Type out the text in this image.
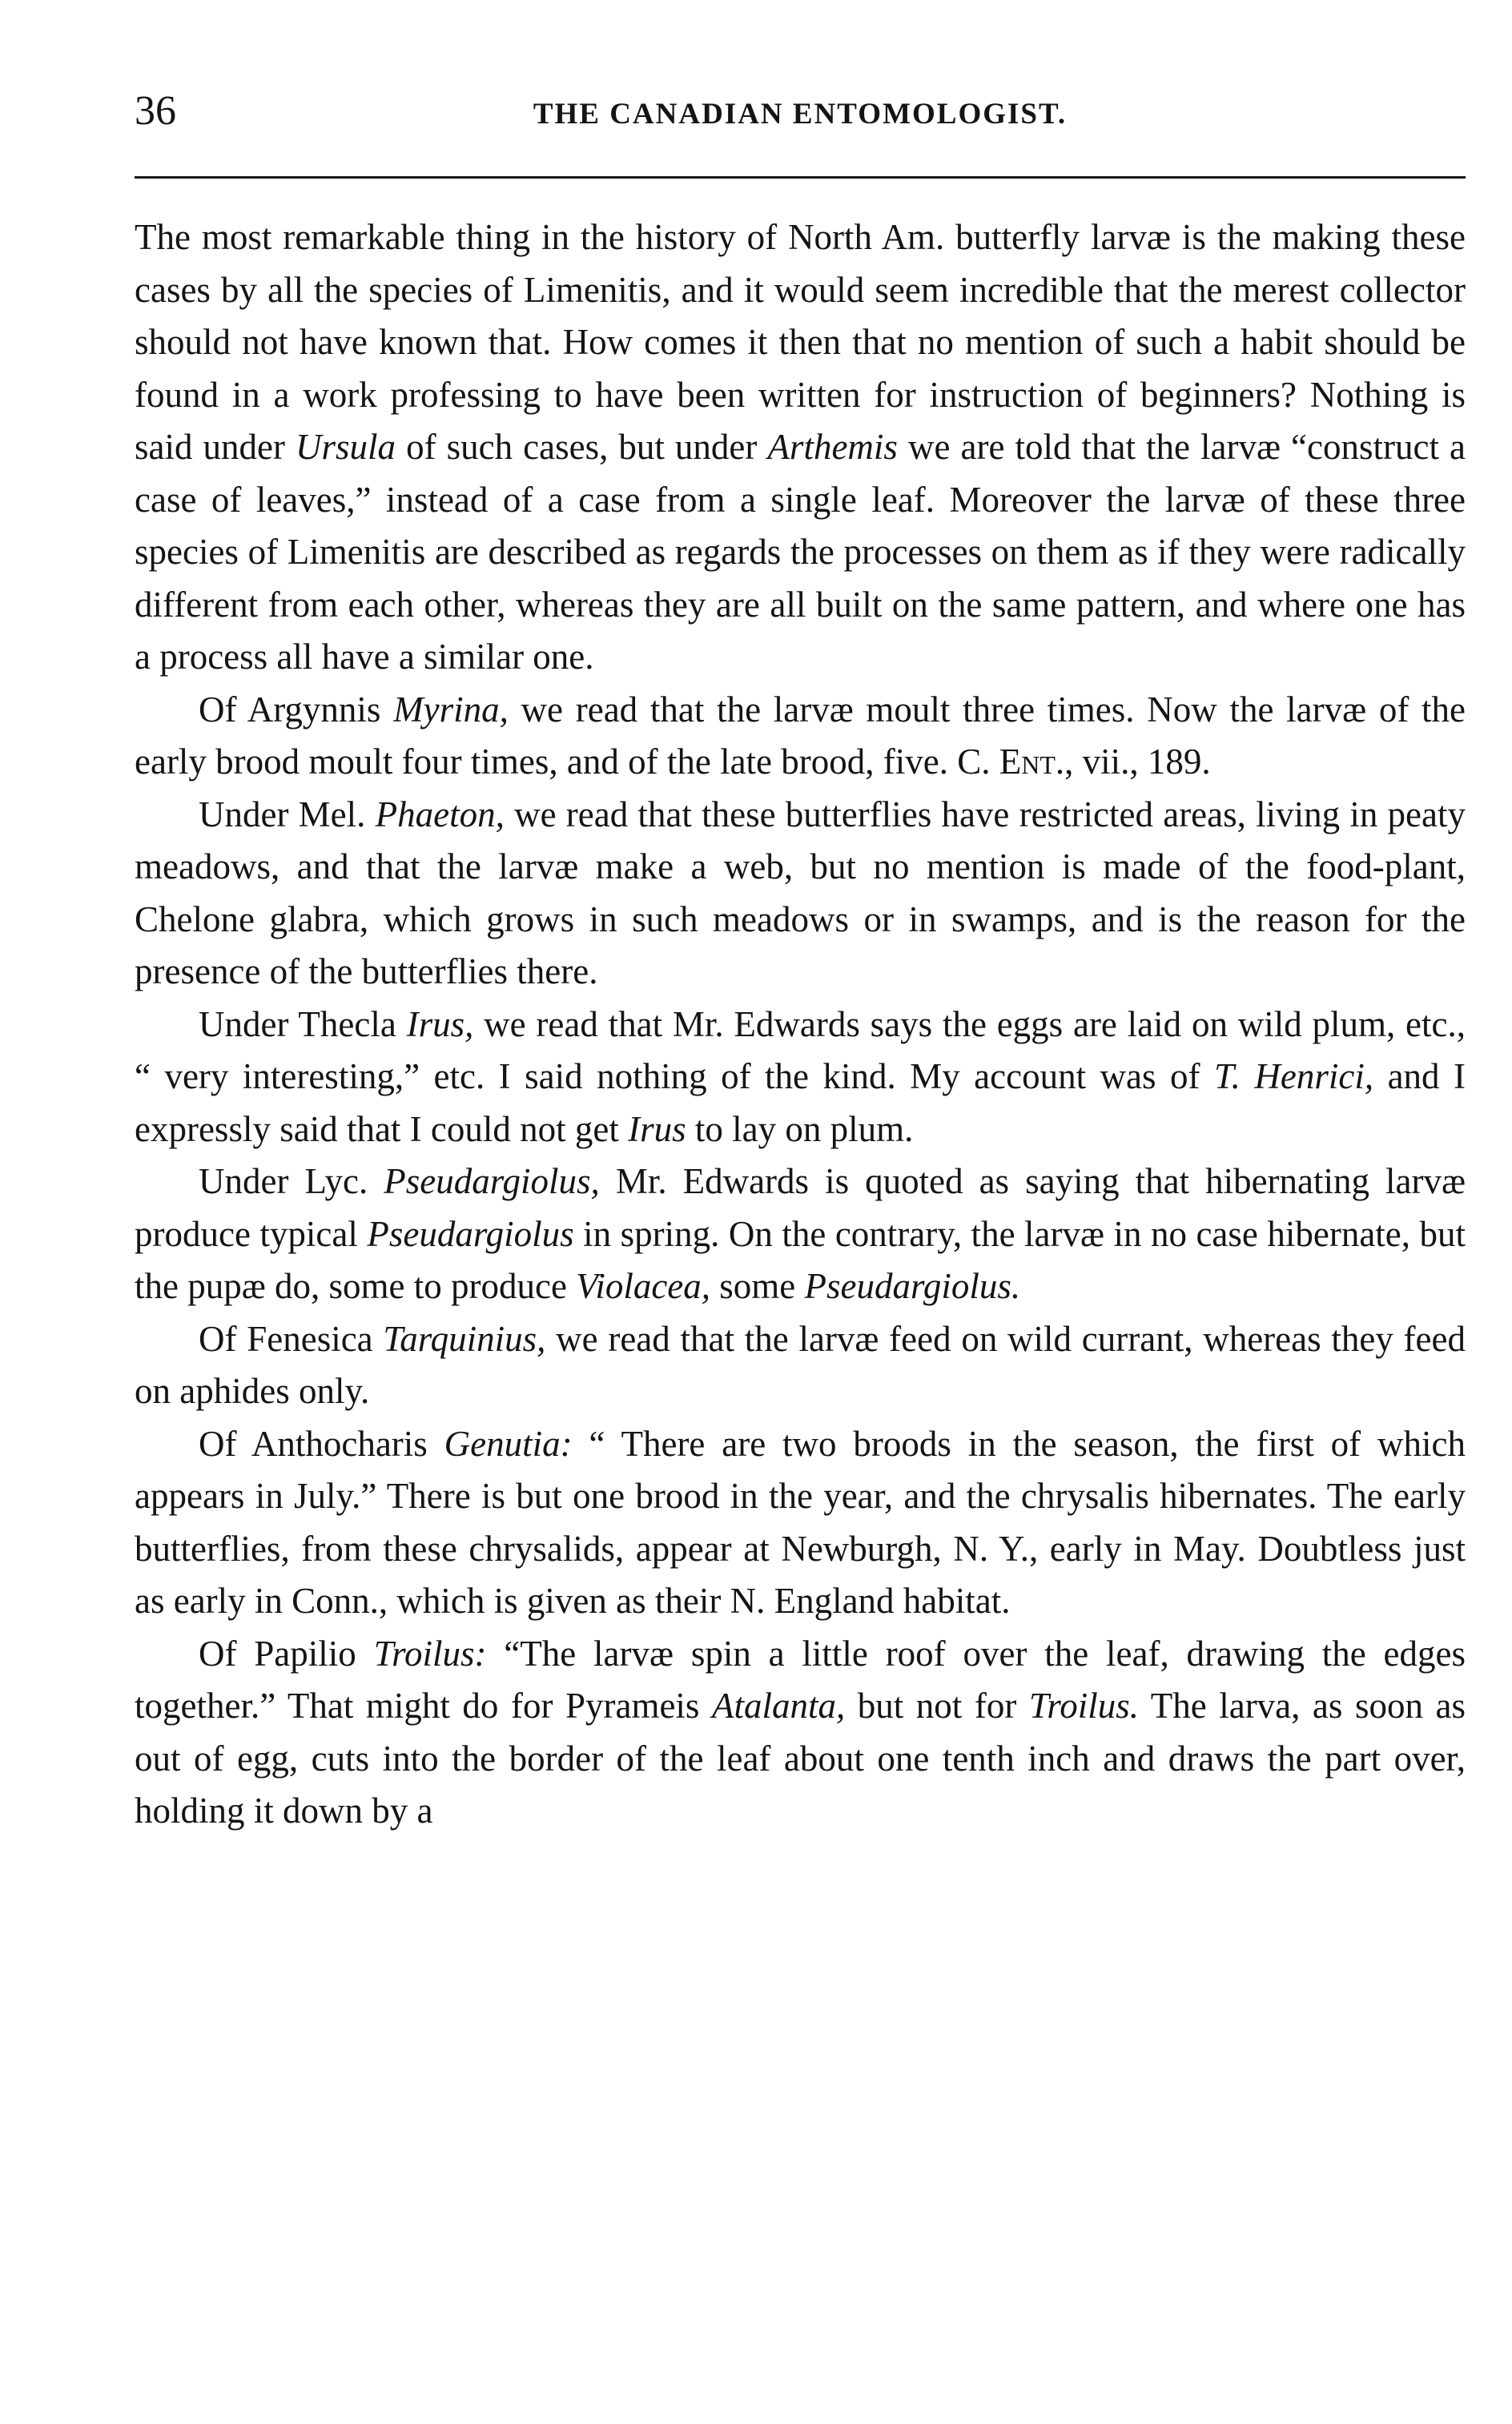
36	THE CANADIAN ENTOMOLOGIST.

The most remarkable thing in the history of North Am. butterfly larvæ is the making these cases by all the species of Limenitis, and it would seem incredible that the merest collector should not have known that. How comes it then that no mention of such a habit should be found in a work professing to have been written for instruction of beginners? Nothing is said under Ursula of such cases, but under Arthemis we are told that the larvæ “construct a case of leaves,” instead of a case from a single leaf. Moreover the larvæ of these three species of Limenitis are described as regards the processes on them as if they were radically different from each other, whereas they are all built on the same pattern, and where one has a process all have a similar one.

Of Argynnis Myrina, we read that the larvæ moult three times. Now the larvæ of the early brood moult four times, and of the late brood, five. C. Ent., vii., 189.

Under Mel. Phaeton, we read that these butterflies have restricted areas, living in peaty meadows, and that the larvæ make a web, but no mention is made of the food-plant, Chelone glabra, which grows in such meadows or in swamps, and is the reason for the presence of the butterflies there.

Under Thecla Irus, we read that Mr. Edwards says the eggs are laid on wild plum, etc., “ very interesting,” etc. I said nothing of the kind. My account was of T. Henrici, and I expressly said that I could not get Irus to lay on plum.

Under Lyc. Pseudargiolus, Mr. Edwards is quoted as saying that hibernating larvæ produce typical Pseudargiolus in spring. On the contrary, the larvæ in no case hibernate, but the pupæ do, some to produce Violacea, some Pseudargiolus.

Of Fenesica Tarquinius, we read that the larvæ feed on wild currant, whereas they feed on aphides only.

Of Anthocharis Genutia: “ There are two broods in the season, the first of which appears in July.” There is but one brood in the year, and the chrysalis hibernates. The early butterflies, from these chrysalids, appear at Newburgh, N. Y., early in May. Doubtless just as early in Conn., which is given as their N. England habitat.

Of Papilio Troilus: “The larvæ spin a little roof over the leaf, drawing the edges together.” That might do for Pyrameis Atalanta, but not for Troilus. The larva, as soon as out of egg, cuts into the border of the leaf about one tenth inch and draws the part over, holding it down by a
